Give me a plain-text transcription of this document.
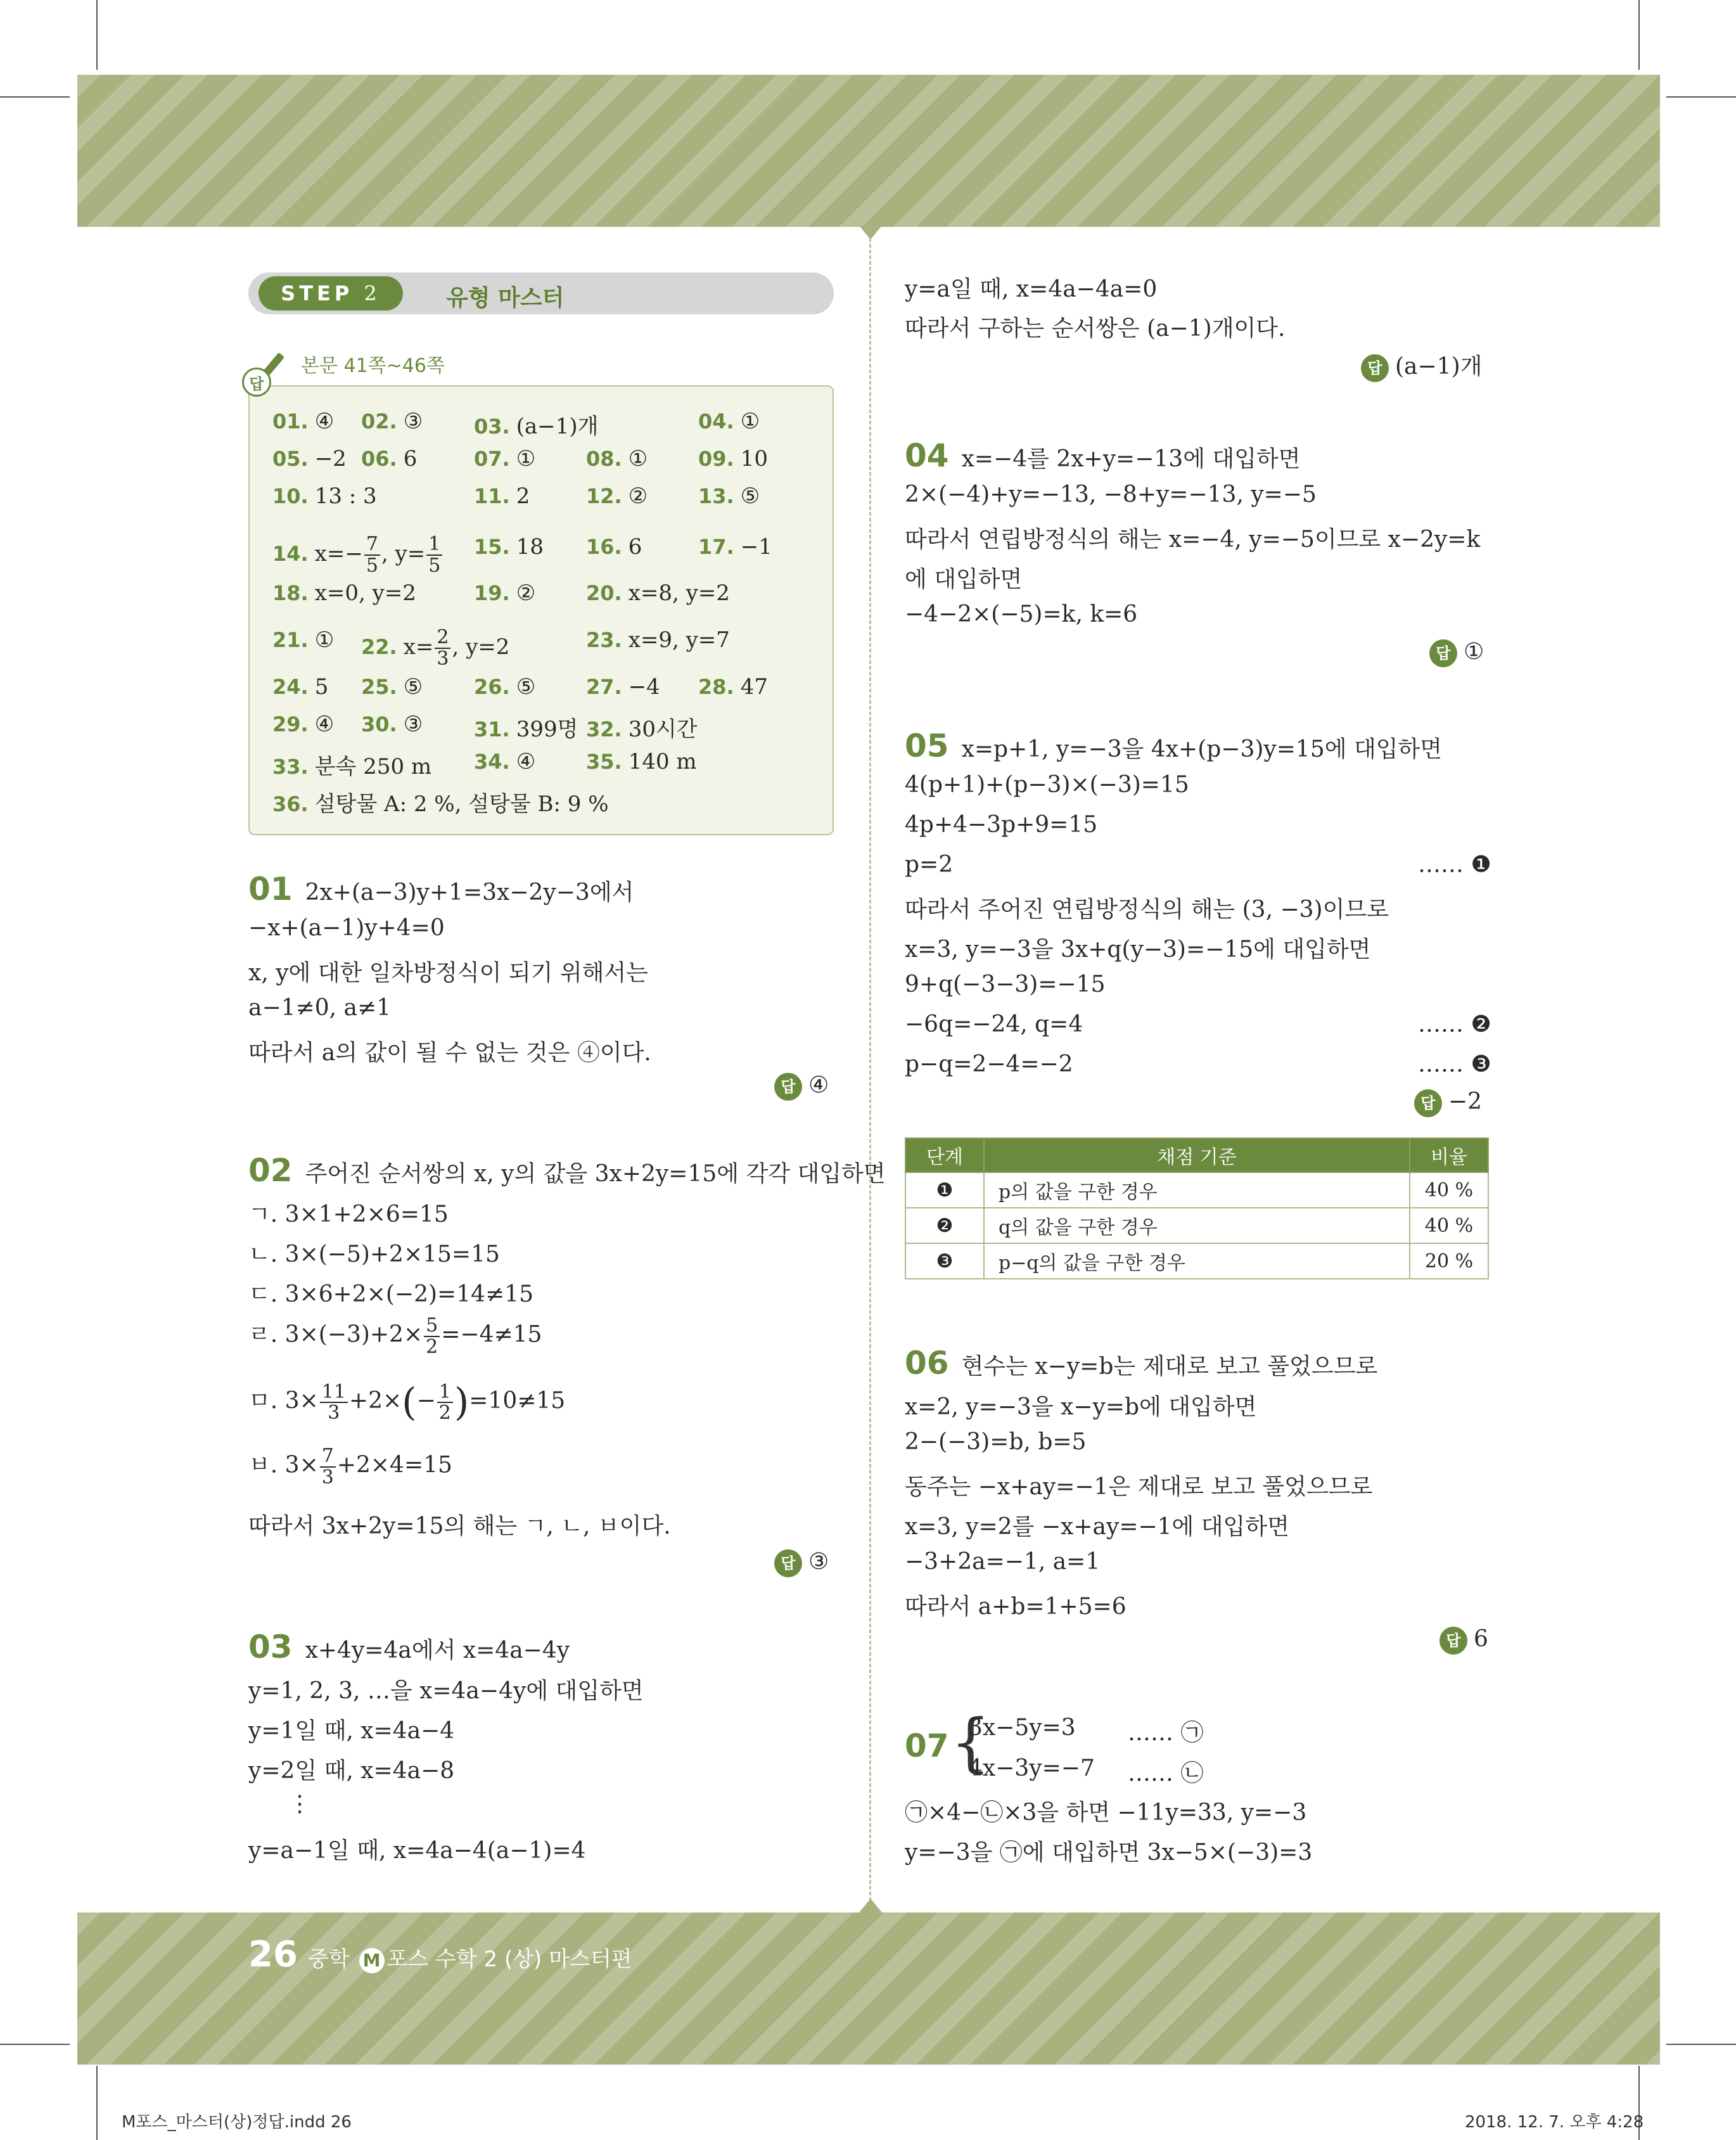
STEP
2	유형 마스터
본문 41쪽~46쪽
답
01. ④ 02. ③	03. (a−1)개	04. ①
05. −2 06. 6	07. ① 08. ① 09. 10
10. 13 : 3	11. 2	12. ② 13. ⑤
14. $x=- \frac{7}{5}$ , $y= \frac{1}{5} 15$. 18 16. 6	17. −1
18. x=0, y=2	19. ② 20. x=8, y=2
21. ① 22. $x= \frac{2}{3}$ , y=2	23. x=9, y=7
24. 5 25. ⑤	26. ⑤ 27. −4 28. 47
29. ④ 30. ③	31. 399명 32. 30시간
33. 분속 250 m 34. ④ 35. 140 m
36. 설탕물 A: 2 %, 설탕물 B: 9 %
01 2x+(a−3)y+1=3x−2y−3에서
−x+(a−1)y+4=0
x, y에 대한 일차방정식이 되기 위해서는
a−1≠0, a≠1
따라서 a의 값이 될 수 없는 것은 ④이다.
답 ④
02 주어진 순서쌍의 x, y의 값을 3x+2y=15에 각각 대입하면
ㄱ. 3×1+2×6=15
ㄴ. 3×(−5)+2×15=15
ㄷ. 3×6+2×(−2)=14≠15
ㄹ. $3\times(-3)+2\times \frac{5}{2} =-4\ne 15$
ㅁ. $3\times \frac{11}{3} +2\times(- \frac{1}{2} )=10\ne 15$
ㅂ. $3\times \frac{7}{3} +2\times 4=15$
따라서 3x+2y=15의 해는 ㄱ, ㄴ, ㅂ이다.
답 ③
03 x+4y=4a에서 x=4a−4y
y=1, 2, 3, …을 x=4a−4y에 대입하면
y=1일 때, x=4a−4
y=2일 때, x=4a−8
⋮
y=a−1일 때, x=4a−4(a−1)=4
y=a일 때, x=4a−4a=0
따라서 구하는 순서쌍은 (a−1)개이다.
답 (a−1)개
04 x=−4를 2x+y=−13에 대입하면
2×(−4)+y=−13, −8+y=−13, y=−5
따라서 연립방정식의 해는 x=−4, y=−5이므로 x−2y=k
에 대입하면
−4−2×(−5)=k, k=6
답 ①
05 x=p+1, y=−3을 4x+(p−3)y=15에 대입하면
4(p+1)+(p−3)×(−3)=15
4p+4−3p+9=15
p=2	…… ❶
따라서 주어진 연립방정식의 해는 (3, −3)이므로
x=3, y=−3을 3x+q(y−3)=−15에 대입하면
9+q(−3−3)=−15
−6q=−24, q=4	…… ❷
p−q=2−4=−2	…… ❸
답 −2
단계	채점 기준	비율
❶	p의 값을 구한 경우	40 %
❷	q의 값을 구한 경우	40 %
❸	p−q의 값을 구한 경우	20 %
06 현수는 x−y=b는 제대로 보고 풀었으므로
x=2, y=−3을 x−y=b에 대입하면
2−(−3)=b, b=5
동주는 −x+ay=−1은 제대로 보고 풀었으므로
x=3, y=2를 −x+ay=−1에 대입하면
−3+2a=−1, a=1
따라서 a+b=1+5=6
답 6
07 {
3x−5y=3
4x−3y=−7
…… ㉠
…… ㉡
㉠×4−㉡×3을 하면 −11y=33, y=−3
y=−3을 ㉠에 대입하면 3x−5×(−3)=3
26 중학 M 포스 수학 2 (상) 마스터편
M포스_마스터(상)정답.indd 26	2018. 12. 7. 오후 4:28
